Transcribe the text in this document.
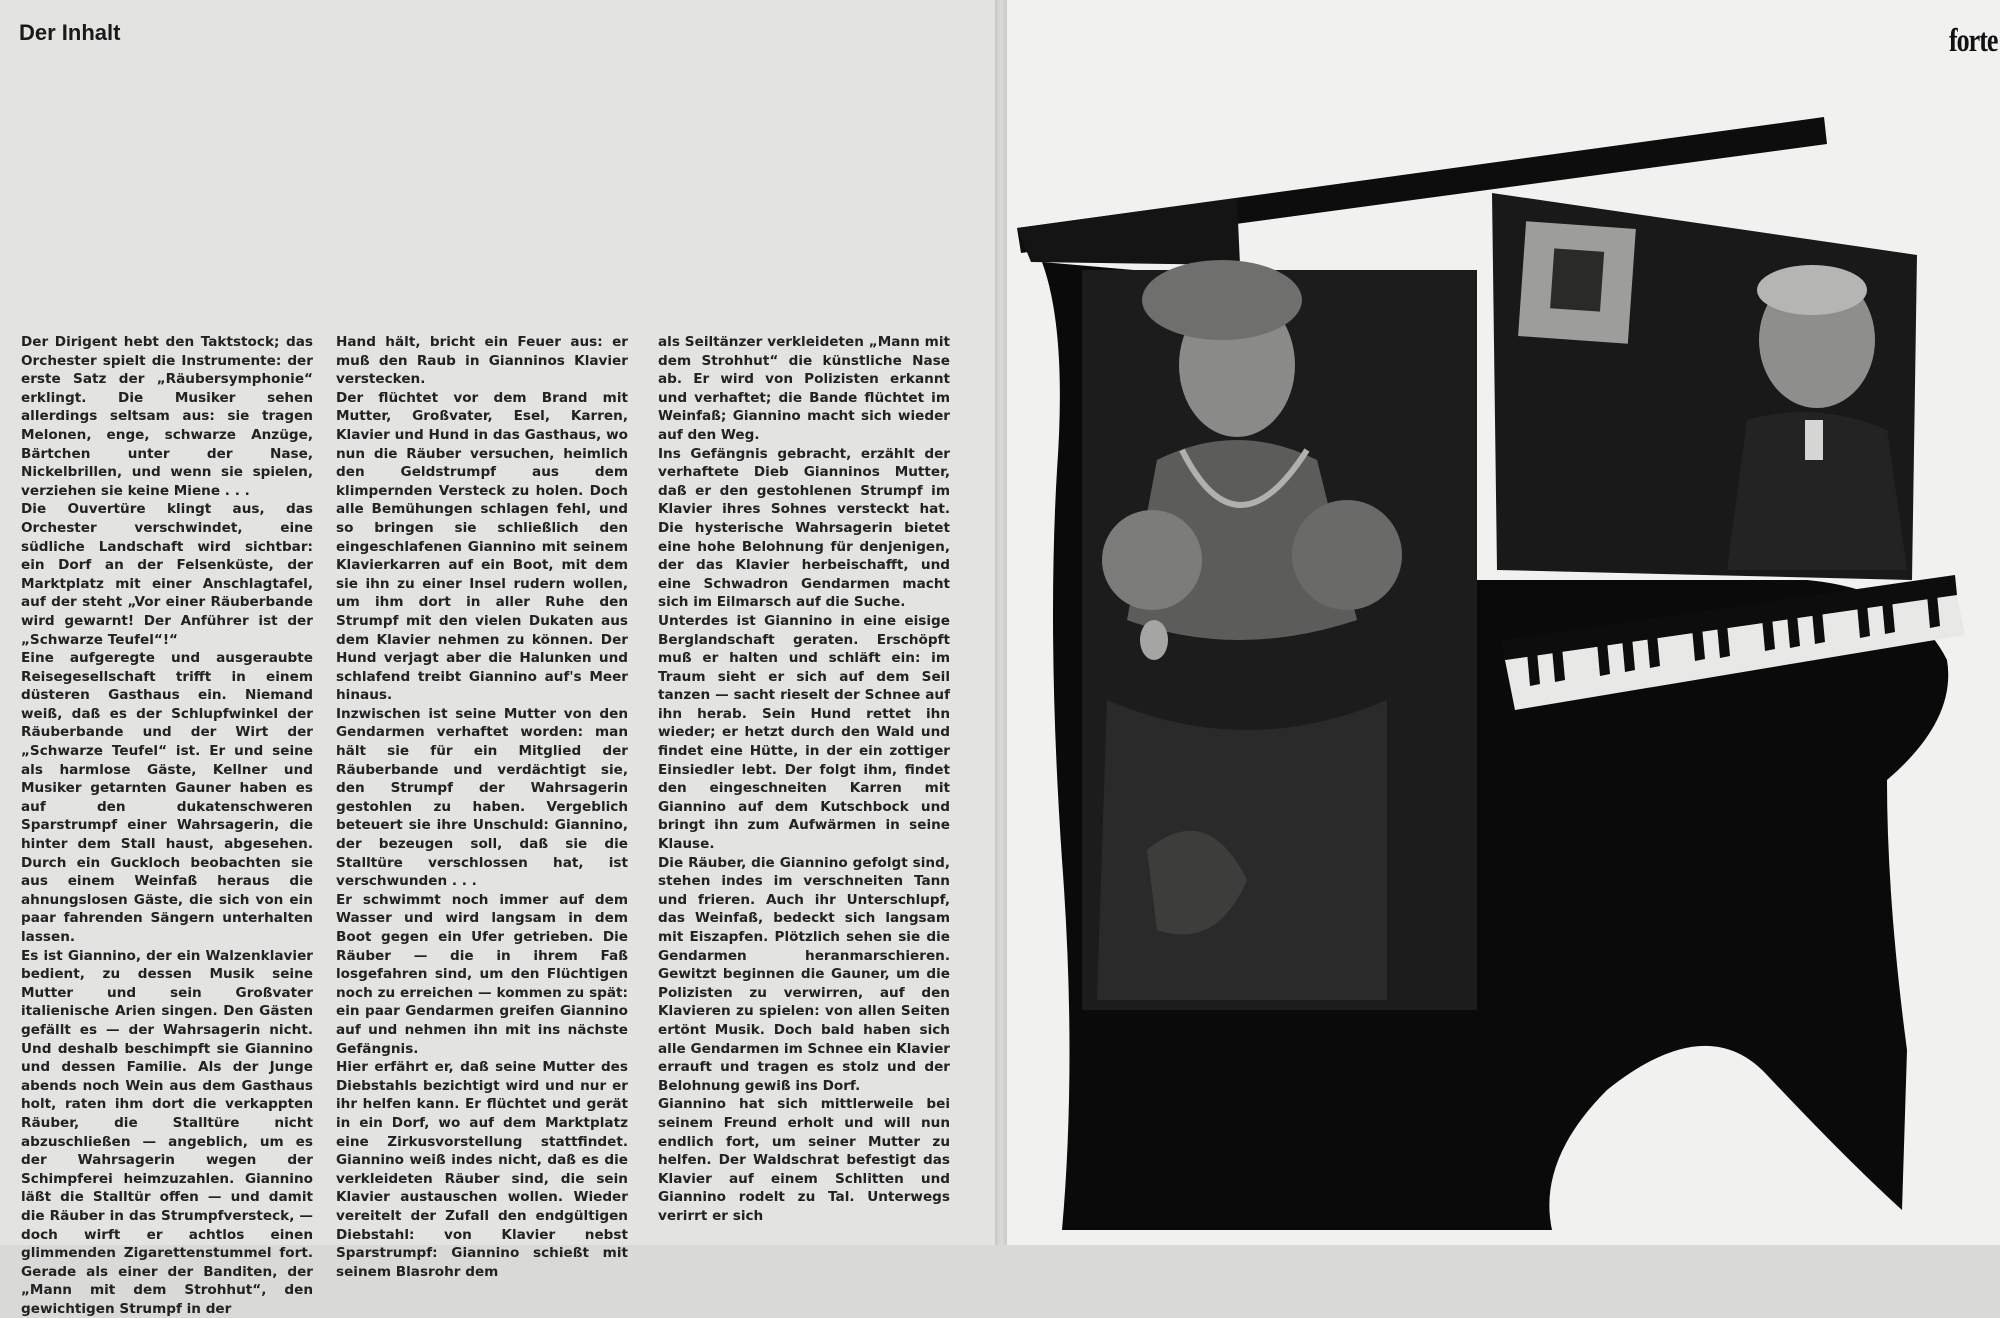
Der Inhalt

Der Dirigent hebt den Taktstock; das Orchester spielt die Instrumente: der erste Satz der „Räubersymphonie“ erklingt. Die Musiker sehen allerdings seltsam aus: sie tragen Melonen, enge, schwarze Anzüge, Bärtchen unter der Nase, Nickelbrillen, und wenn sie spielen, verziehen sie keine Miene . . .

Die Ouvertüre klingt aus, das Orchester verschwindet, eine südliche Landschaft wird sichtbar: ein Dorf an der Felsenküste, der Marktplatz mit einer Anschlagtafel, auf der steht „Vor einer Räuberbande wird gewarnt! Der Anführer ist der „Schwarze Teufel“!“

Eine aufgeregte und ausgeraubte Reisegesellschaft trifft in einem düsteren Gasthaus ein. Niemand weiß, daß es der Schlupfwinkel der Räuberbande und der Wirt der „Schwarze Teufel“ ist. Er und seine als harmlose Gäste, Kellner und Musiker getarnten Gauner haben es auf den dukatenschweren Sparstrumpf einer Wahrsagerin, die hinter dem Stall haust, abgesehen. Durch ein Guckloch beobachten sie aus einem Weinfaß heraus die ahnungslosen Gäste, die sich von ein paar fahrenden Sängern unterhalten lassen.

Es ist Giannino, der ein Walzenklavier bedient, zu dessen Musik seine Mutter und sein Großvater italienische Arien singen. Den Gästen gefällt es — der Wahrsagerin nicht. Und deshalb beschimpft sie Giannino und dessen Familie. Als der Junge abends noch Wein aus dem Gasthaus holt, raten ihm dort die verkappten Räuber, die Stalltüre nicht abzuschließen — angeblich, um es der Wahrsagerin wegen der Schimpferei heimzuzahlen. Giannino läßt die Stalltür offen — und damit die Räuber in das Strumpfversteck, — doch wirft er achtlos einen glimmenden Zigarettenstummel fort. Gerade als einer der Banditen, der „Mann mit dem Strohhut“, den gewichtigen Strumpf in der

Hand hält, bricht ein Feuer aus: er muß den Raub in Gianninos Klavier verstecken.

Der flüchtet vor dem Brand mit Mutter, Großvater, Esel, Karren, Klavier und Hund in das Gasthaus, wo nun die Räuber versuchen, heimlich den Geldstrumpf aus dem klimpernden Versteck zu holen. Doch alle Bemühungen schlagen fehl, und so bringen sie schließlich den eingeschlafenen Giannino mit seinem Klavierkarren auf ein Boot, mit dem sie ihn zu einer Insel rudern wollen, um ihm dort in aller Ruhe den Strumpf mit den vielen Dukaten aus dem Klavier nehmen zu können. Der Hund verjagt aber die Halunken und schlafend treibt Giannino auf's Meer hinaus.

Inzwischen ist seine Mutter von den Gendarmen verhaftet worden: man hält sie für ein Mitglied der Räuberbande und verdächtigt sie, den Strumpf der Wahrsagerin gestohlen zu haben. Vergeblich beteuert sie ihre Unschuld: Giannino, der bezeugen soll, daß sie die Stalltüre verschlossen hat, ist verschwunden . . .

Er schwimmt noch immer auf dem Wasser und wird langsam in dem Boot gegen ein Ufer getrieben. Die Räuber — die in ihrem Faß losgefahren sind, um den Flüchtigen noch zu erreichen — kommen zu spät: ein paar Gendarmen greifen Giannino auf und nehmen ihn mit ins nächste Gefängnis.

Hier erfährt er, daß seine Mutter des Diebstahls bezichtigt wird und nur er ihr helfen kann. Er flüchtet und gerät in ein Dorf, wo auf dem Marktplatz eine Zirkusvorstellung stattfindet. Giannino weiß indes nicht, daß es die verkleideten Räuber sind, die sein Klavier austauschen wollen. Wieder vereitelt der Zufall den endgültigen Diebstahl: von Klavier nebst Sparstrumpf: Giannino schießt mit seinem Blasrohr dem

als Seiltänzer verkleideten „Mann mit dem Strohhut“ die künstliche Nase ab. Er wird von Polizisten erkannt und verhaftet; die Bande flüchtet im Weinfaß; Giannino macht sich wieder auf den Weg.

Ins Gefängnis gebracht, erzählt der verhaftete Dieb Gianninos Mutter, daß er den gestohlenen Strumpf im Klavier ihres Sohnes versteckt hat. Die hysterische Wahrsagerin bietet eine hohe Belohnung für denjenigen, der das Klavier herbeischafft, und eine Schwadron Gendarmen macht sich im Eilmarsch auf die Suche.

Unterdes ist Giannino in eine eisige Berglandschaft geraten. Erschöpft muß er halten und schläft ein: im Traum sieht er sich auf dem Seil tanzen — sacht rieselt der Schnee auf ihn herab. Sein Hund rettet ihn wieder; er hetzt durch den Wald und findet eine Hütte, in der ein zottiger Einsiedler lebt. Der folgt ihm, findet den eingeschneiten Karren mit Giannino auf dem Kutschbock und bringt ihn zum Aufwärmen in seine Klause.

Die Räuber, die Giannino gefolgt sind, stehen indes im verschneiten Tann und frieren. Auch ihr Unterschlupf, das Weinfaß, bedeckt sich langsam mit Eiszapfen. Plötzlich sehen sie die Gendarmen heranmarschieren. Gewitzt beginnen die Gauner, um die Polizisten zu verwirren, auf den Klavieren zu spielen: von allen Seiten ertönt Musik. Doch bald haben sich alle Gendarmen im Schnee ein Klavier errauft und tragen es stolz und der Belohnung gewiß ins Dorf.

Giannino hat sich mittlerweile bei seinem Freund erholt und will nun endlich fort, um seiner Mutter zu helfen. Der Waldschrat befestigt das Klavier auf einem Schlitten und Giannino rodelt zu Tal. Unterwegs verirrt er sich

forte
